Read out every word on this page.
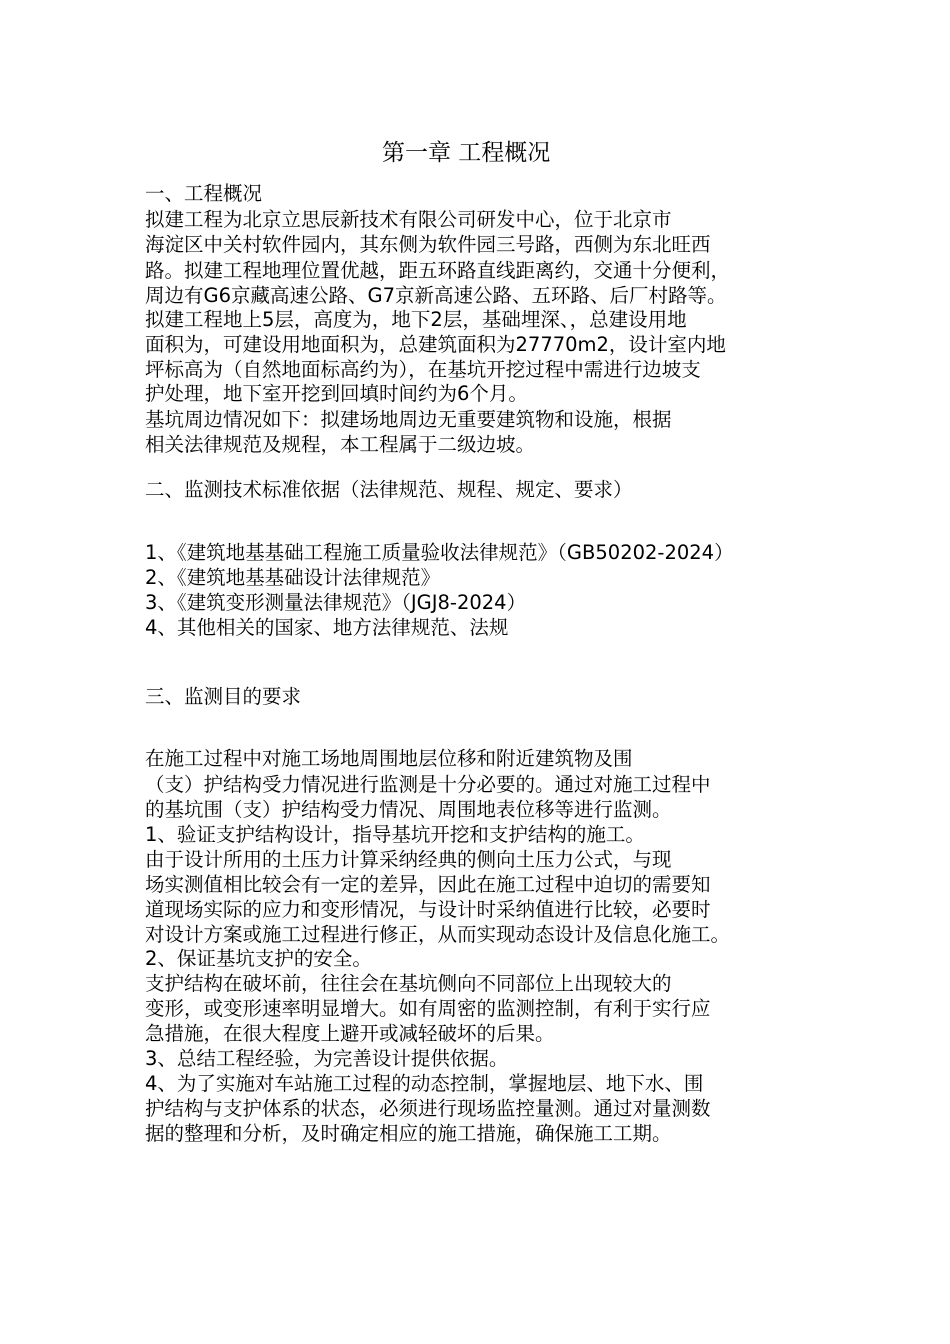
第一章 工程概况
一、工程概况
拟建工程为北京立思辰新技术有限公司研发中心，位于北京市
海淀区中关村软件园内，其东侧为软件园三号路，西侧为东北旺西
路。拟建工程地理位置优越，距五环路直线距离约，交通十分便利，
周边有G6京藏高速公路、G7京新高速公路、五环路、后厂村路等。
拟建工程地上5层，高度为，地下2层，基础埋深、，总建设用地
面积为，可建设用地面积为，总建筑面积为27770m2，设计室内地
坪标高为（自然地面标高约为），在基坑开挖过程中需进行边坡支
护处理，地下室开挖到回填时间约为6个月。
基坑周边情况如下：拟建场地周边无重要建筑物和设施，根据
相关法律规范及规程，本工程属于二级边坡。
二、监测技术标准依据（法律规范、规程、规定、要求）
1、《建筑地基基础工程施工质量验收法律规范》（GB50202-2024）
2、《建筑地基基础设计法律规范》
3、《建筑变形测量法律规范》（JGJ8-2024）
4、其他相关的国家、地方法律规范、法规
三、监测目的要求
在施工过程中对施工场地周围地层位移和附近建筑物及围
（支）护结构受力情况进行监测是十分必要的。通过对施工过程中
的基坑围（支）护结构受力情况、周围地表位移等进行监测。
1、验证支护结构设计，指导基坑开挖和支护结构的施工。
由于设计所用的土压力计算采纳经典的侧向土压力公式，与现
场实测值相比较会有一定的差异，因此在施工过程中迫切的需要知
道现场实际的应力和变形情况，与设计时采纳值进行比较，必要时
对设计方案或施工过程进行修正，从而实现动态设计及信息化施工。
2、保证基坑支护的安全。
支护结构在破坏前，往往会在基坑侧向不同部位上出现较大的
变形，或变形速率明显增大。如有周密的监测控制，有利于实行应
急措施，在很大程度上避开或减轻破坏的后果。
3、总结工程经验，为完善设计提供依据。
4、为了实施对车站施工过程的动态控制，掌握地层、地下水、围
护结构与支护体系的状态，必须进行现场监控量测。通过对量测数
据的整理和分析，及时确定相应的施工措施，确保施工工期。
